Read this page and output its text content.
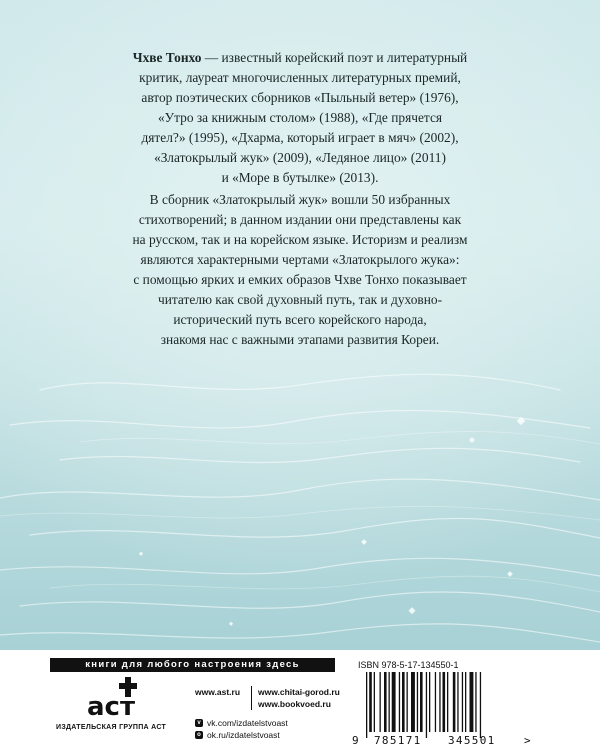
Чхве Тонхо — известный корейский поэт и литературный
критик, лауреат многочисленных литературных премий,
автор поэтических сборников «Пыльный ветер» (1976),
«Утро за книжным столом» (1988), «Где прячется
дятел?» (1995), «Дхарма, который играет в мяч» (2002),
«Златокрылый жук» (2009), «Ледяное лицо» (2011)
и «Море в бутылке» (2013).
В сборник «Златокрылый жук» вошли 50 избранных
стихотворений; в данном издании они представлены как
на русском, так и на корейском языке. Историзм и реализм
являются характерными чертами «Златокрылого жука»:
с помощью ярких и емких образов Чхве Тонхо показывает
читателю как свой духовный путь, так и духовно-
исторический путь всего корейского народа,
знакомя нас с важными этапами развития Кореи.
книги для любого настроения здесь
аст
ИЗДАТЕЛЬСКАЯ ГРУППА АСТ
www.ast.ru	www.chitai-gorod.ru
www.bookvoed.ru
v vk.com/izdatelstvoast
o ok.ru/izdatelstvoast
ISBN 978-5-17-134550-1
9 785171 345501	>
